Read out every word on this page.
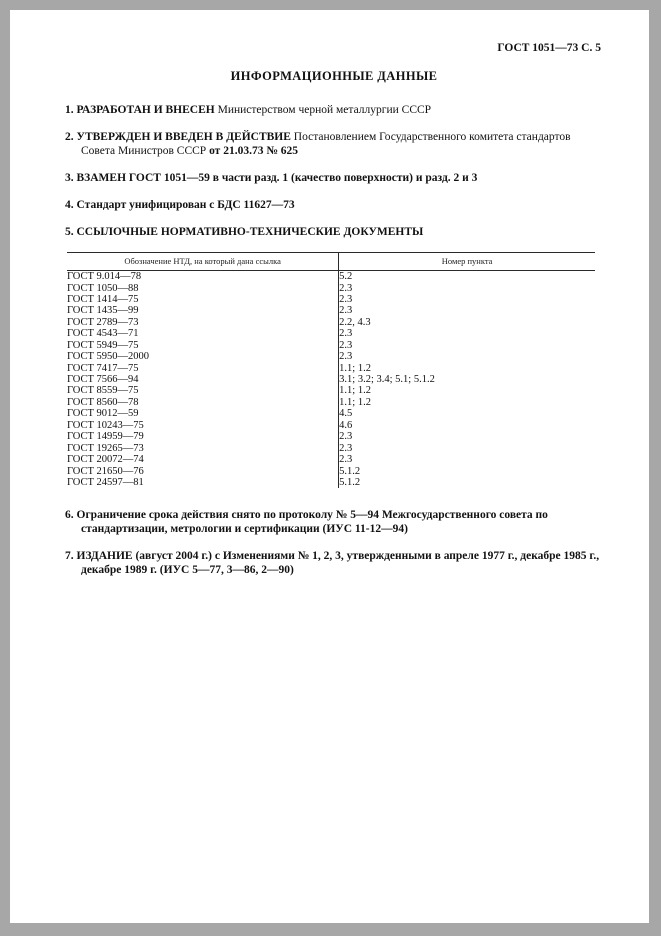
ГОСТ 1051—73 С. 5
ИНФОРМАЦИОННЫЕ ДАННЫЕ

1. РАЗРАБОТАН И ВНЕСЕН Министерством черной металлургии СССР

2. УТВЕРЖДЕН И ВВЕДЕН В ДЕЙСТВИЕ Постановлением Государственного комитета стандартов Совета Министров СССР от 21.03.73 № 625

3. ВЗАМЕН ГОСТ 1051—59 в части разд. 1 (качество поверхности) и разд. 2 и 3

4. Стандарт унифицирован с БДС 11627—73

5. ССЫЛОЧНЫЕ НОРМАТИВНО-ТЕХНИЧЕСКИЕ ДОКУМЕНТЫ

Обозначение НТД, на который дана ссылка	Номер пункта
ГОСТ 9.014—78	5.2
ГОСТ 1050—88	2.3
ГОСТ 1414—75	2.3
ГОСТ 1435—99	2.3
ГОСТ 2789—73	2.2, 4.3
ГОСТ 4543—71	2.3
ГОСТ 5949—75	2.3
ГОСТ 5950—2000	2.3
ГОСТ 7417—75	1.1; 1.2
ГОСТ 7566—94	3.1; 3.2; 3.4; 5.1; 5.1.2
ГОСТ 8559—75	1.1; 1.2
ГОСТ 8560—78	1.1; 1.2
ГОСТ 9012—59	4.5
ГОСТ 10243—75	4.6
ГОСТ 14959—79	2.3
ГОСТ 19265—73	2.3
ГОСТ 20072—74	2.3
ГОСТ 21650—76	5.1.2
ГОСТ 24597—81	5.1.2

6. Ограничение срока действия снято по протоколу № 5—94 Межгосударственного совета по стандартизации, метрологии и сертификации (ИУС 11-12—94)

7. ИЗДАНИЕ (август 2004 г.) с Изменениями № 1, 2, 3, утвержденными в апреле 1977 г., декабре 1985 г., декабре 1989 г. (ИУС 5—77, 3—86, 2—90)
